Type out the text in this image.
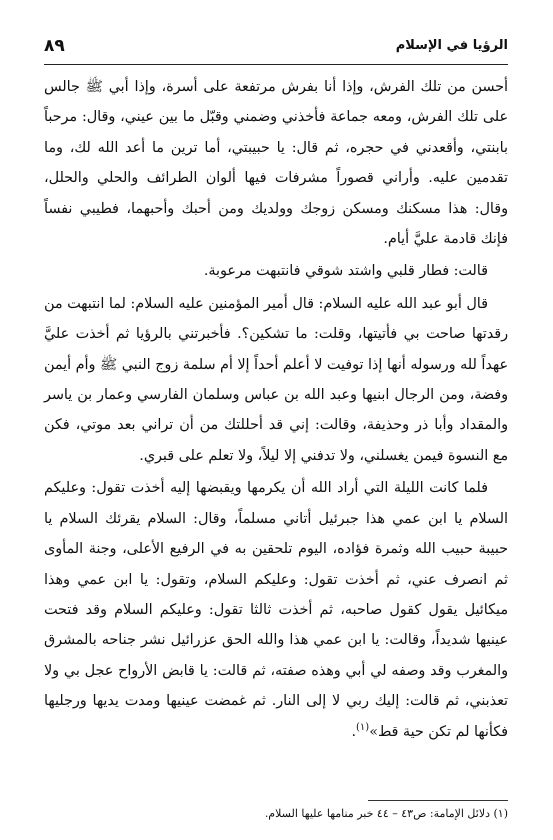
٨٩	الرؤيا في الإسلام

أحسن من تلك الفرش، وإذا أنا بفرش مرتفعة على أسرة، وإذا أبي ﷺ جالس على تلك الفرش، ومعه جماعة فأخذني وضمني وقبّل ما بين عيني، وقال: مرحباً بابنتي، وأقعدني في حجره، ثم قال: يا حبيبتي، أما ترين ما أعد الله لك، وما تقدمين عليه. وأراني قصوراً مشرفات فيها ألوان الطرائف والحلي والحلل، وقال: هذا مسكنك ومسكن زوجك وولديك ومن أحبك وأحبهما، فطيبي نفساً فإنك قادمة عليَّ أيام.

قالت: فطار قلبي واشتد شوقي فانتبهت مرعوبة.

قال أبو عبد الله عليه السلام: قال أمير المؤمنين عليه السلام: لما انتبهت من رقدتها صاحت بي فأتيتها، وقلت: ما تشكين؟. فأخبرتني بالرؤيا ثم أخذت عليَّ عهداً لله ورسوله أنها إذا توفيت لا أعلم أحداً إلا أم سلمة زوج النبي ﷺ وأم أيمن وفضة، ومن الرجال ابنيها وعبد الله بن عباس وسلمان الفارسي وعمار بن ياسر والمقداد وأبا ذر وحذيفة، وقالت: إني قد أحللتك من أن تراني بعد موتي، فكن مع النسوة فيمن يغسلني، ولا تدفني إلا ليلاً، ولا تعلم على قبري.

فلما كانت الليلة التي أراد الله أن يكرمها ويقبضها إليه أخذت تقول: وعليكم السلام يا ابن عمي هذا جبرئيل أتاني مسلماً، وقال: السلام يقرئك السلام يا حبيبة حبيب الله وثمرة فؤاده، اليوم تلحقين به في الرفيع الأعلى، وجنة المأوى ثم انصرف عني، ثم أخذت تقول: وعليكم السلام، وتقول: يا ابن عمي وهذا ميكائيل يقول كقول صاحبه، ثم أخذت ثالثا تقول: وعليكم السلام وقد فتحت عينيها شديداً، وقالت: يا ابن عمي هذا والله الحق عزرائيل نشر جناحه بالمشرق والمغرب وقد وصفه لي أبي وهذه صفته، ثم قالت: يا قابض الأرواح عجل بي ولا تعذبني، ثم قالت: إليك ربي لا إلى النار. ثم غمضت عينيها ومدت يديها ورجليها فكأنها لم تكن حية قط»$^{(١)}$.

(١) دلائل الإمامة: ص٤٣ – ٤٤ خبر منامها عليها السلام.
